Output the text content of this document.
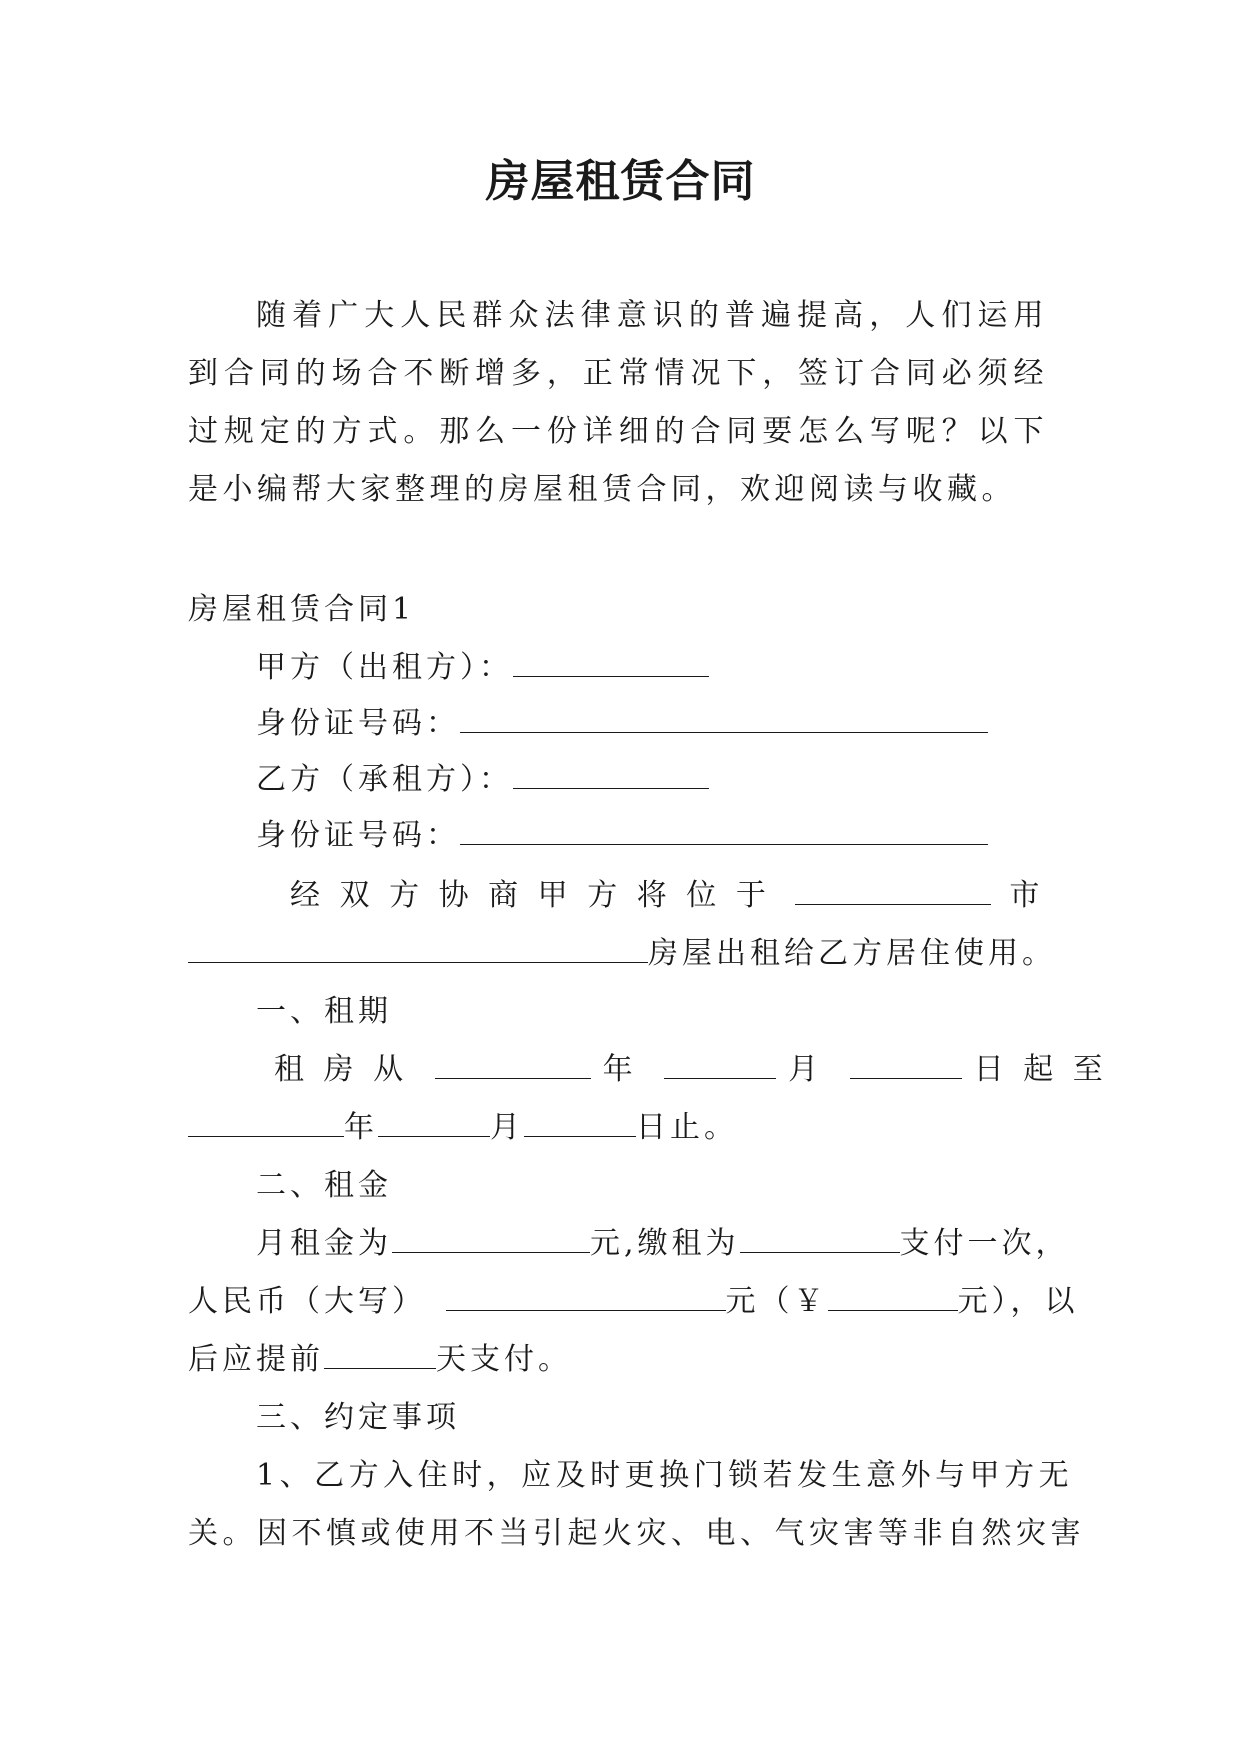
房屋租赁合同

随着广大人民群众法律意识的普遍提高，人们运用到合同的场合不断增多，正常情况下，签订合同必须经过规定的方式。那么一份详细的合同要怎么写呢？以下是小编帮大家整理的房屋租赁合同，欢迎阅读与收藏。

房屋租赁合同1
甲方（出租方）：
身份证号码：
乙方（承租方）：
身份证号码：
经 双 方 协 商 甲 方 将 位 于	市
房屋出租给乙方居住使用。
一、租期
租 房 从	年	月	日 起 至
年	月	日止。
二、租金
月租金为	元,缴租为	支付一次，
人民币（大写）	元（￥	元），以
后应提前	天支付。
三、约定事项
1、乙方入住时，应及时更换门锁若发生意外与甲方无
关。因不慎或使用不当引起火灾、电、气灾害等非自然灾害
